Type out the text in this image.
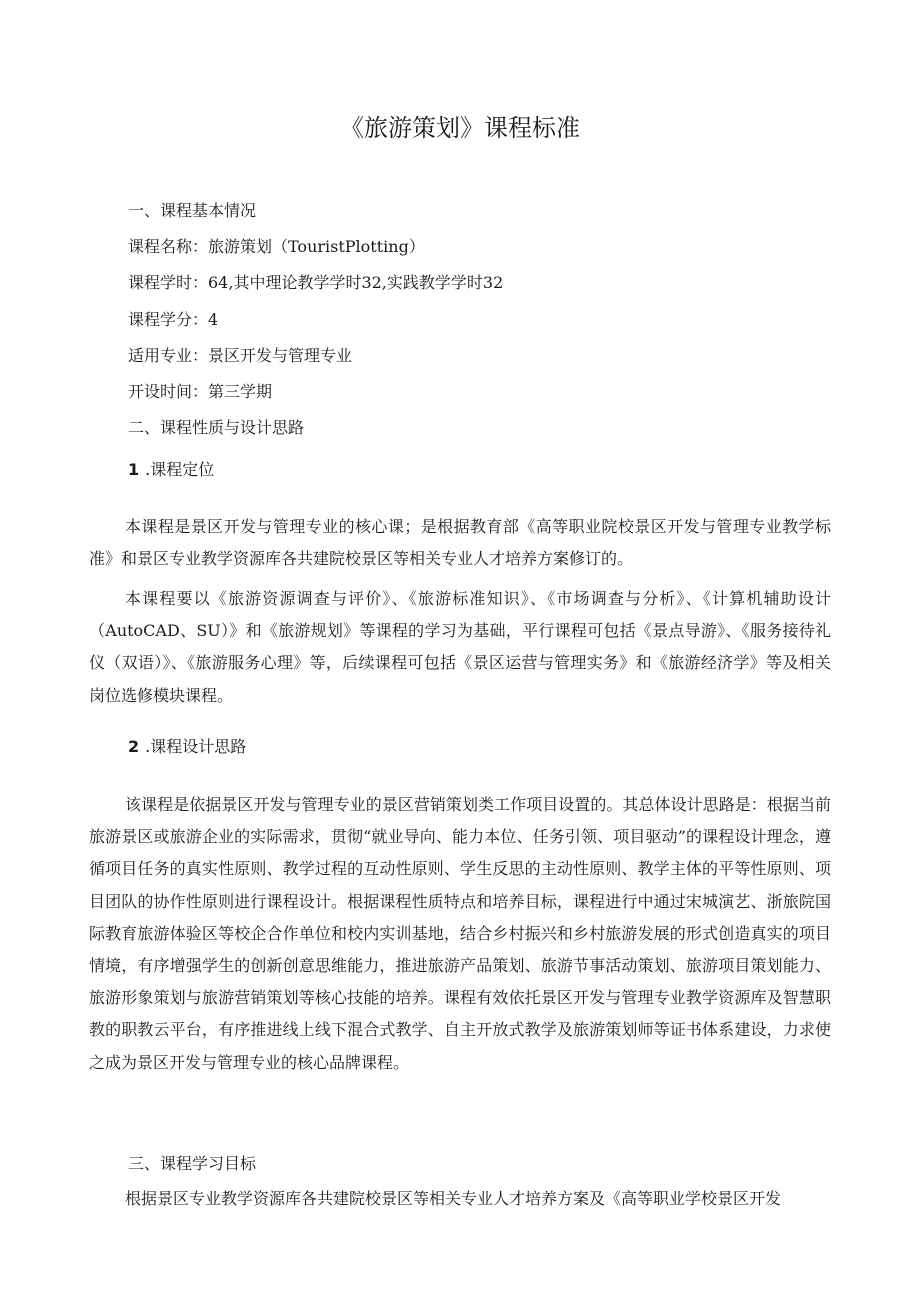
《旅游策划》课程标准
一、课程基本情况
课程名称：旅游策划（TouristPlotting）
课程学时：64,其中理论教学学时32,实践教学学时32
课程学分：4
适用专业：景区开发与管理专业
开设时间：第三学期
二、课程性质与设计思路
1 .课程定位
本课程是景区开发与管理专业的核心课；是根据教育部《高等职业院校景区开发与管理专业教学标准》和景区专业教学资源库各共建院校景区等相关专业人才培养方案修订的。
本课程要以《旅游资源调查与评价》、《旅游标准知识》、《市场调查与分析》、《计算机辅助设计（AutoCAD、SU）》和《旅游规划》等课程的学习为基础，平行课程可包括《景点导游》、《服务接待礼仪（双语）》、《旅游服务心理》等，后续课程可包括《景区运营与管理实务》和《旅游经济学》等及相关岗位选修模块课程。
2 .课程设计思路
该课程是依据景区开发与管理专业的景区营销策划类工作项目设置的。其总体设计思路是：根据当前旅游景区或旅游企业的实际需求，贯彻“就业导向、能力本位、任务引领、项目驱动”的课程设计理念，遵循项目任务的真实性原则、教学过程的互动性原则、学生反思的主动性原则、教学主体的平等性原则、项目团队的协作性原则进行课程设计。根据课程性质特点和培养目标，课程进行中通过宋城演艺、浙旅院国际教育旅游体验区等校企合作单位和校内实训基地，结合乡村振兴和乡村旅游发展的形式创造真实的项目情境，有序增强学生的创新创意思维能力，推进旅游产品策划、旅游节事活动策划、旅游项目策划能力、旅游形象策划与旅游营销策划等核心技能的培养。课程有效依托景区开发与管理专业教学资源库及智慧职教的职教云平台，有序推进线上线下混合式教学、自主开放式教学及旅游策划师等证书体系建设，力求使之成为景区开发与管理专业的核心品牌课程。
三、课程学习目标
根据景区专业教学资源库各共建院校景区等相关专业人才培养方案及《高等职业学校景区开发
